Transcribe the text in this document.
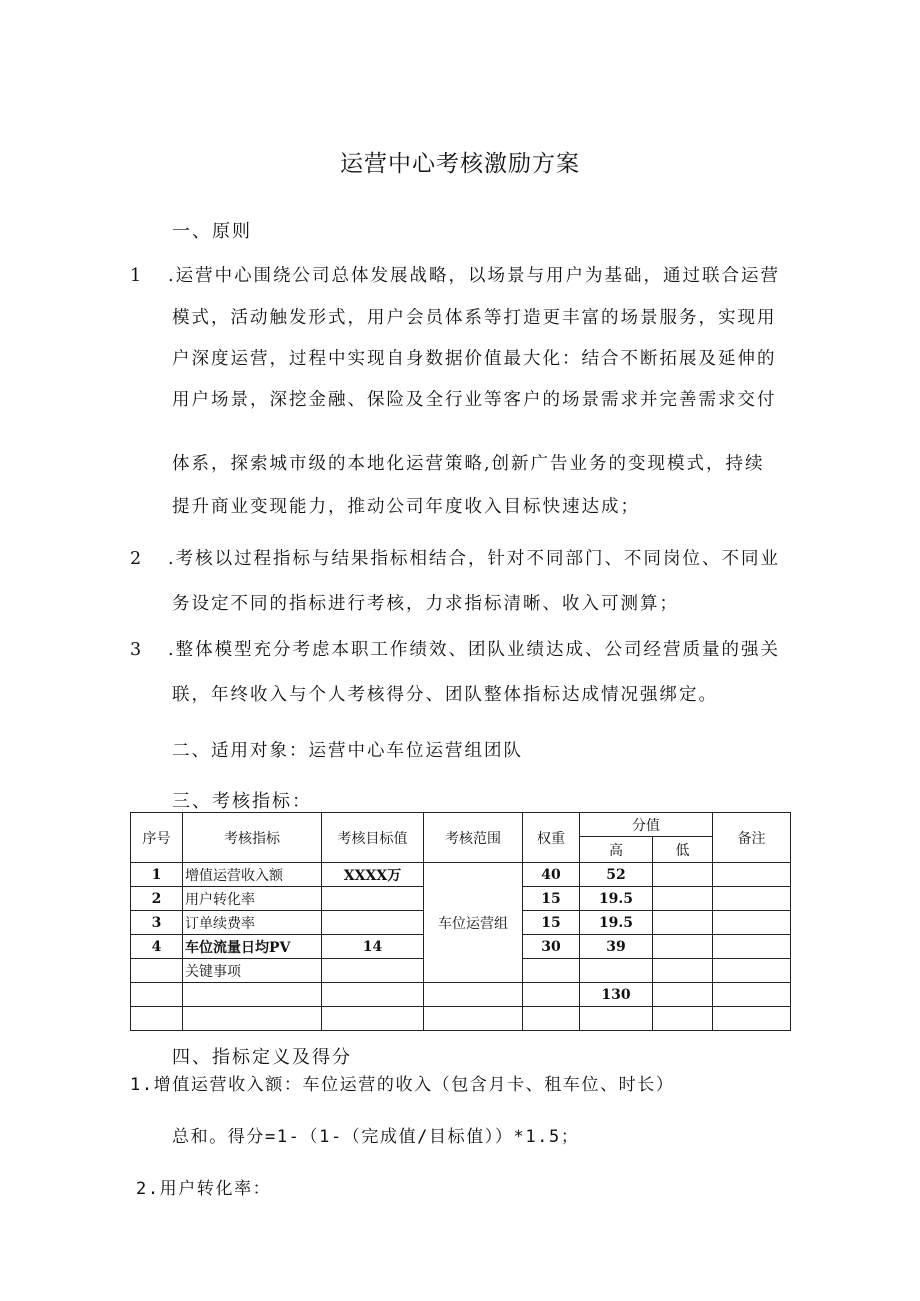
运营中心考核激励方案
一、原则
1 .运营中心围绕公司总体发展战略，以场景与用户为基础，通过联合运营
模式，活动触发形式，用户会员体系等打造更丰富的场景服务，实现用
户深度运营，过程中实现自身数据价值最大化：结合不断拓展及延伸的
用户场景，深挖金融、保险及全行业等客户的场景需求并完善需求交付
体系，探索城市级的本地化运营策略,创新广告业务的变现模式，持续
提升商业变现能力，推动公司年度收入目标快速达成；
2 .考核以过程指标与结果指标相结合，针对不同部门、不同岗位、不同业
务设定不同的指标进行考核，力求指标清晰、收入可测算；
3 .整体模型充分考虑本职工作绩效、团队业绩达成、公司经营质量的强关
联，年终收入与个人考核得分、团队整体指标达成情况强绑定。
二、适用对象：运营中心车位运营组团队
三、考核指标：
序号	考核指标	考核目标值	考核范围	权重	分值		备注
					高	低	
1	增值运营收入额	XXXX万	车位运营组	40	52		
2	用户转化率			15	19.5		
3	订单续费率			15	19.5		
4	车位流量日均PV	14		30	39		
	关键事项						
					130		

四、指标定义及得分
1.增值运营收入额：车位运营的收入（包含月卡、租车位、时长）
总和。得分=1-（1-（完成值/目标值））*1.5；
2.用户转化率：
